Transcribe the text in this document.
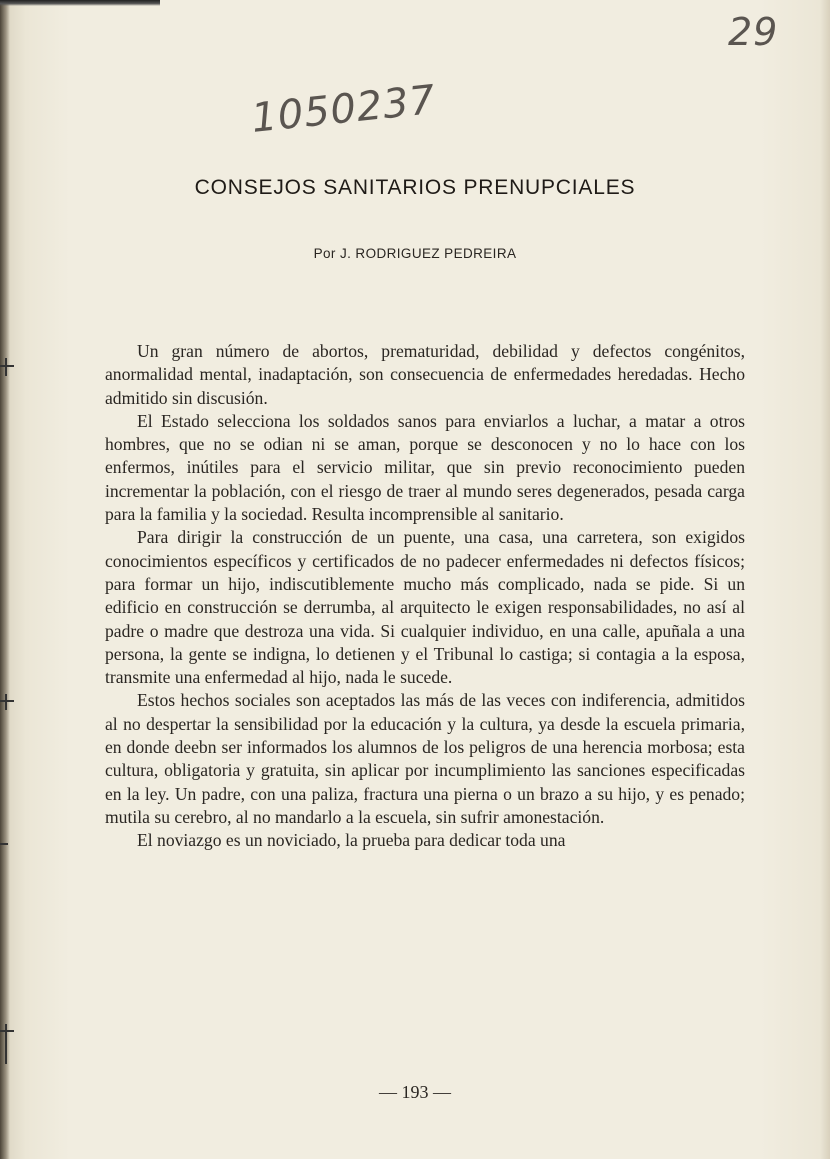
29
1050237
CONSEJOS SANITARIOS PRENUPCIALES
Por J. RODRIGUEZ PEDREIRA

Un gran número de abortos, prematuridad, debilidad y defectos congénitos, anormalidad mental, inadaptación, son consecuencia de enfermedades heredadas. Hecho admitido sin discusión.

El Estado selecciona los soldados sanos para enviarlos a luchar, a matar a otros hombres, que no se odian ni se aman, porque se desconocen y no lo hace con los enfermos, inútiles para el servicio militar, que sin previo reconocimiento pueden incrementar la población, con el riesgo de traer al mundo seres degenerados, pesada carga para la familia y la sociedad. Resulta incomprensible al sanitario.

Para dirigir la construcción de un puente, una casa, una carretera, son exigidos conocimientos específicos y certificados de no padecer enfermedades ni defectos físicos; para formar un hijo, indiscutiblemente mucho más complicado, nada se pide. Si un edificio en construcción se derrumba, al arquitecto le exigen responsabilidades, no así al padre o madre que destroza una vida. Si cualquier individuo, en una calle, apuñala a una persona, la gente se indigna, lo detienen y el Tribunal lo castiga; si contagia a la esposa, transmite una enfermedad al hijo, nada le sucede.

Estos hechos sociales son aceptados las más de las veces con indiferencia, admitidos al no despertar la sensibilidad por la educación y la cultura, ya desde la escuela primaria, en donde deebn ser informados los alumnos de los peligros de una herencia morbosa; esta cultura, obligatoria y gratuita, sin aplicar por incumplimiento las sanciones especificadas en la ley. Un padre, con una paliza, fractura una pierna o un brazo a su hijo, y es penado; mutila su cerebro, al no mandarlo a la escuela, sin sufrir amonestación.

El noviazgo es un noviciado, la prueba para dedicar toda una

— 193 —
